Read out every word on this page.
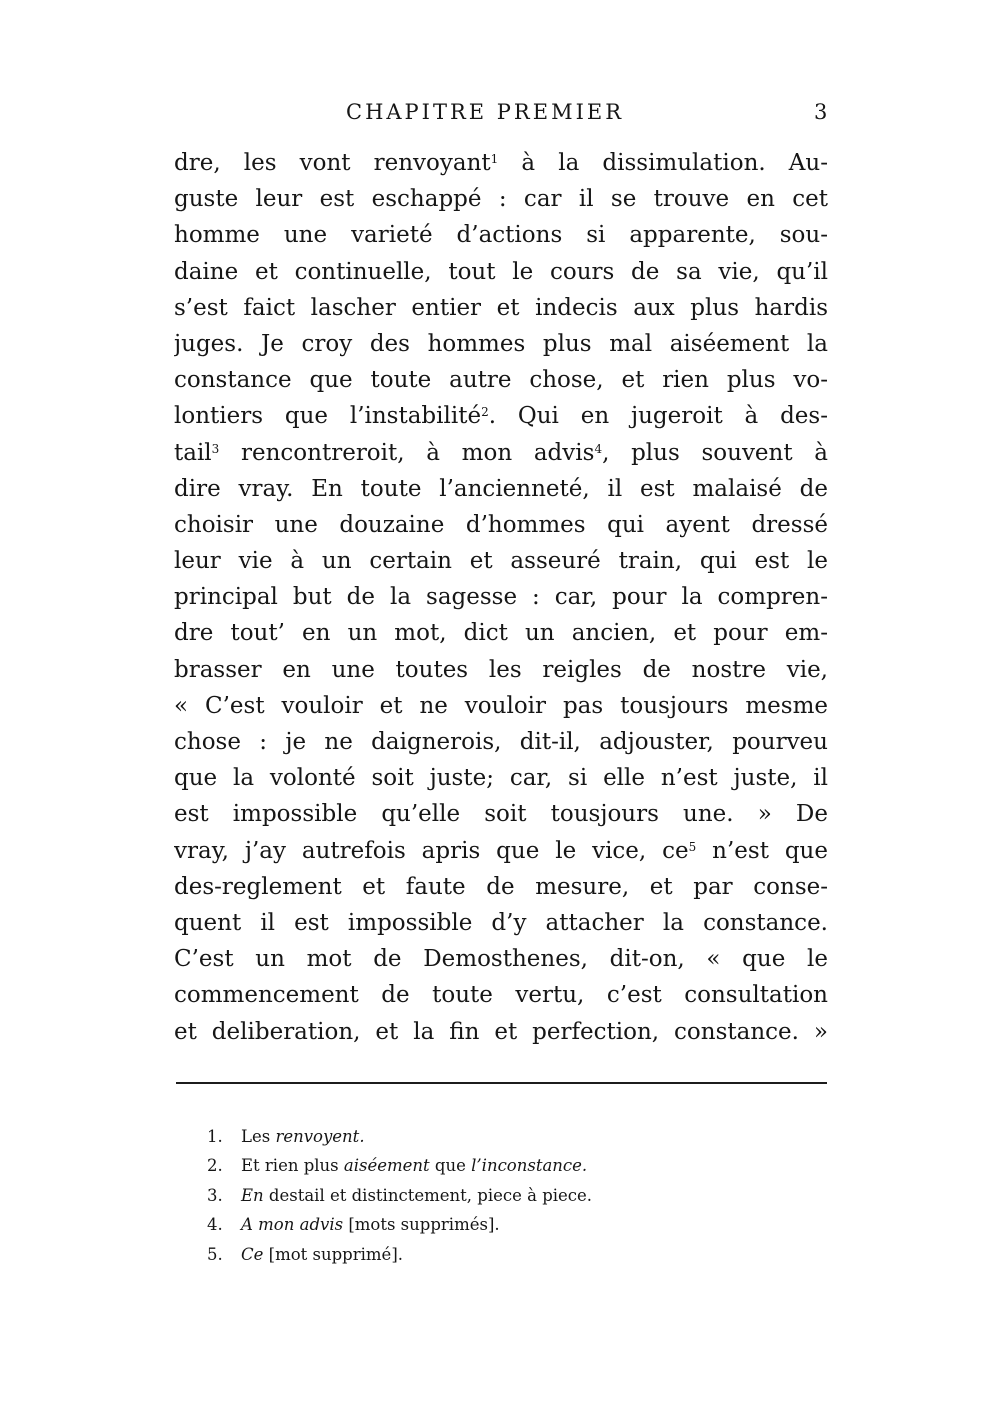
CHAPITRE PREMIER	3
dre, les vont renvoyant$^1$ à la dissimulation. Au-
guste leur est eschappé : car il se trouve en cet
homme une varieté d’actions si apparente, sou-
daine et continuelle, tout le cours de sa vie, qu’il
s’est faict lascher entier et indecis aux plus hardis
juges. Je croy des hommes plus mal aiséement la
constance que toute autre chose, et rien plus vo-
lontiers que l’instabilité$^2$. Qui en jugeroit à des-
tail$^3$ rencontreroit, à mon advis$^4$, plus souvent à
dire vray. En toute l’ancienneté, il est malaisé de
choisir une douzaine d’hommes qui ayent dressé
leur vie à un certain et asseuré train, qui est le
principal but de la sagesse : car, pour la compren-
dre tout’ en un mot, dict un ancien, et pour em-
brasser en une toutes les reigles de nostre vie,
« C’est vouloir et ne vouloir pas tousjours mesme
chose : je ne daignerois, dit-il, adjouster, pourveu
que la volonté soit juste; car, si elle n’est juste, il
est impossible qu’elle soit tousjours une. » De
vray, j’ay autrefois apris que le vice, ce$^5$ n’est que
des-reglement et faute de mesure, et par conse-
quent il est impossible d’y attacher la constance.
C’est un mot de Demosthenes, dit-on, « que le
commencement de toute vertu, c’est consultation
et deliberation, et la fin et perfection, constance. »
1. Les renvoyent.
2. Et rien plus aiséement que l’inconstance.
3. En destail et distinctement, piece à piece.
4. A mon advis [mots supprimés].
5. Ce [mot supprimé].
